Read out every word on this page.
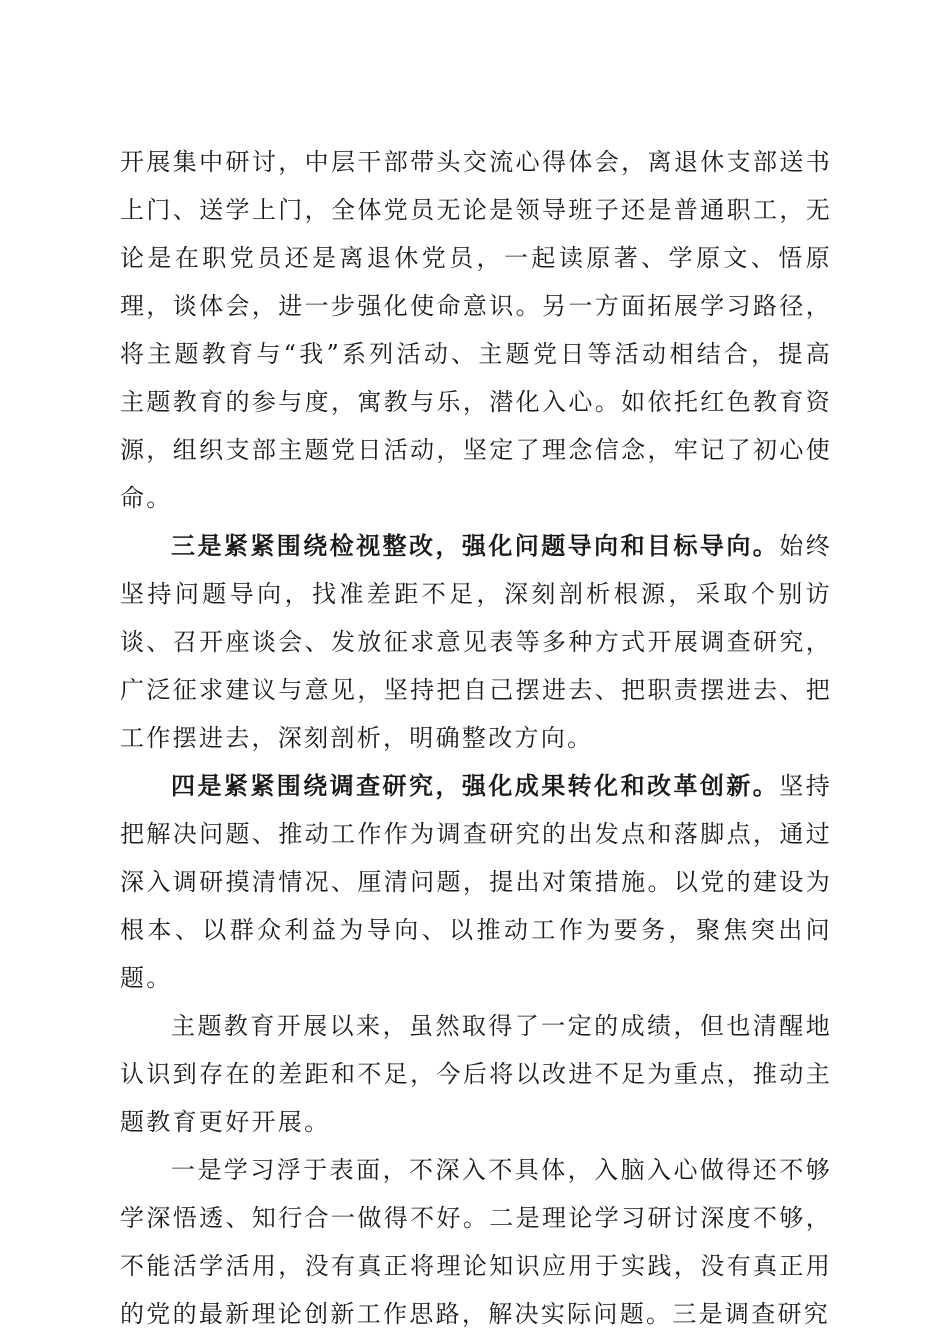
开展集中研讨，中层干部带头交流心得体会，离退休支部送书上门、送学上门，全体党员无论是领导班子还是普通职工，无论是在职党员还是离退休党员，一起读原著、学原文、悟原理，谈体会，进一步强化使命意识。另一方面拓展学习路径，将主题教育与“我”系列活动、主题党日等活动相结合，提高主题教育的参与度，寓教与乐，潜化入心。如依托红色教育资源，组织支部主题党日活动，坚定了理念信念，牢记了初心使命。

三是紧紧围绕检视整改，强化问题导向和目标导向。始终坚持问题导向，找准差距不足，深刻剖析根源，采取个别访谈、召开座谈会、发放征求意见表等多种方式开展调查研究，广泛征求建议与意见，坚持把自己摆进去、把职责摆进去、把工作摆进去，深刻剖析，明确整改方向。

四是紧紧围绕调查研究，强化成果转化和改革创新。坚持把解决问题、推动工作作为调查研究的出发点和落脚点，通过深入调研摸清情况、厘清问题，提出对策措施。以党的建设为根本、以群众利益为导向、以推动工作为要务，聚焦突出问题。

主题教育开展以来，虽然取得了一定的成绩，但也清醒地认识到存在的差距和不足，今后将以改进不足为重点，推动主题教育更好开展。

一是学习浮于表面，不深入不具体，入脑入心做得还不够学深悟透、知行合一做得不好。二是理论学习研讨深度不够，不能活学活用，没有真正将理论知识应用于实践，没有真正用的党的最新理论创新工作思路，解决实际问题。三是调查研究
